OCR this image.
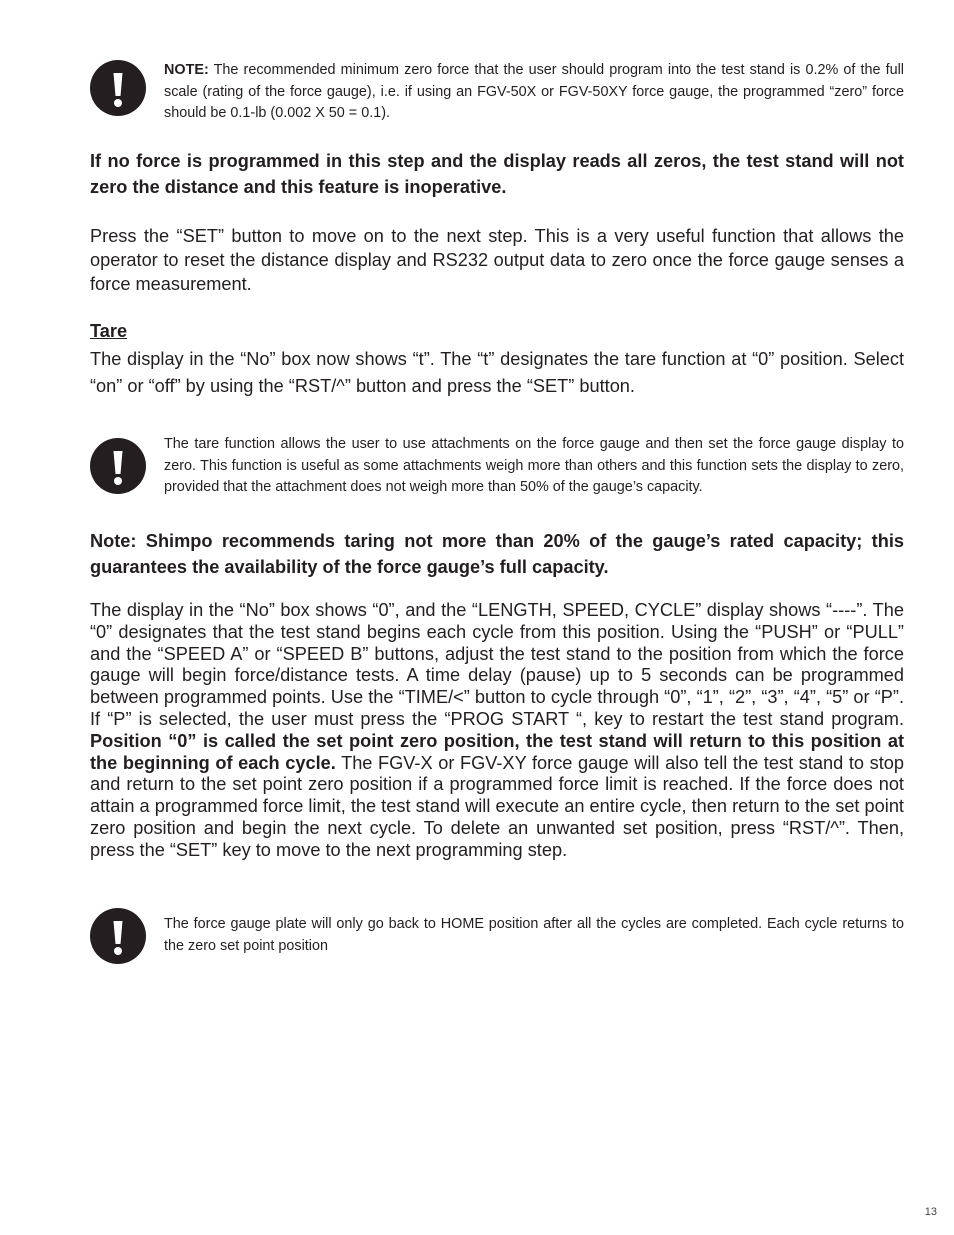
NOTE: The recommended minimum zero force that the user should program into the test stand is 0.2% of the full scale (rating of the force gauge), i.e. if using an FGV-50X or FGV-50XY force gauge, the programmed “zero” force should be 0.1-lb (0.002 X 50 = 0.1).

If no force is programmed in this step and the display reads all zeros, the test stand will not zero the distance and this feature is inoperative.

Press the “SET” button to move on to the next step. This is a very useful function that allows the operator to reset the distance display and RS232 output data to zero once the force gauge senses a force measurement.

Tare

The display in the “No” box now shows “t”. The “t” designates the tare function at “0” position. Select “on” or “off” by using the “RST/^” button and press the “SET” button.

The tare function allows the user to use attachments on the force gauge and then set the force gauge display to zero. This function is useful as some attachments weigh more than others and this function sets the display to zero, provided that the attachment does not weigh more than 50% of the gauge’s capacity.

Note: Shimpo recommends taring not more than 20% of the gauge’s rated capacity; this guarantees the availability of the force gauge’s full capacity.

The display in the “No” box shows “0”, and the “LENGTH, SPEED, CYCLE” display shows “----”. The “0” designates that the test stand begins each cycle from this position. Using the “PUSH” or “PULL” and the “SPEED A” or “SPEED B” buttons, adjust the test stand to the position from which the force gauge will begin force/distance tests. A time delay (pause) up to 5 seconds can be programmed between programmed points. Use the “TIME/<” button to cycle through “0”, “1”, “2”, “3”, “4”, “5” or “P”. If “P” is selected, the user must press the “PROG START “, key to restart the test stand program. Position “0” is called the set point zero position, the test stand will return to this position at the beginning of each cycle. The FGV-X or FGV-XY force gauge will also tell the test stand to stop and return to the set point zero position if a programmed force limit is reached. If the force does not attain a programmed force limit, the test stand will execute an entire cycle, then return to the set point zero position and begin the next cycle. To delete an unwanted set position, press “RST/^”. Then, press the “SET” key to move to the next programming step.

The force gauge plate will only go back to HOME position after all the cycles are completed. Each cycle returns to the zero set point position
13
